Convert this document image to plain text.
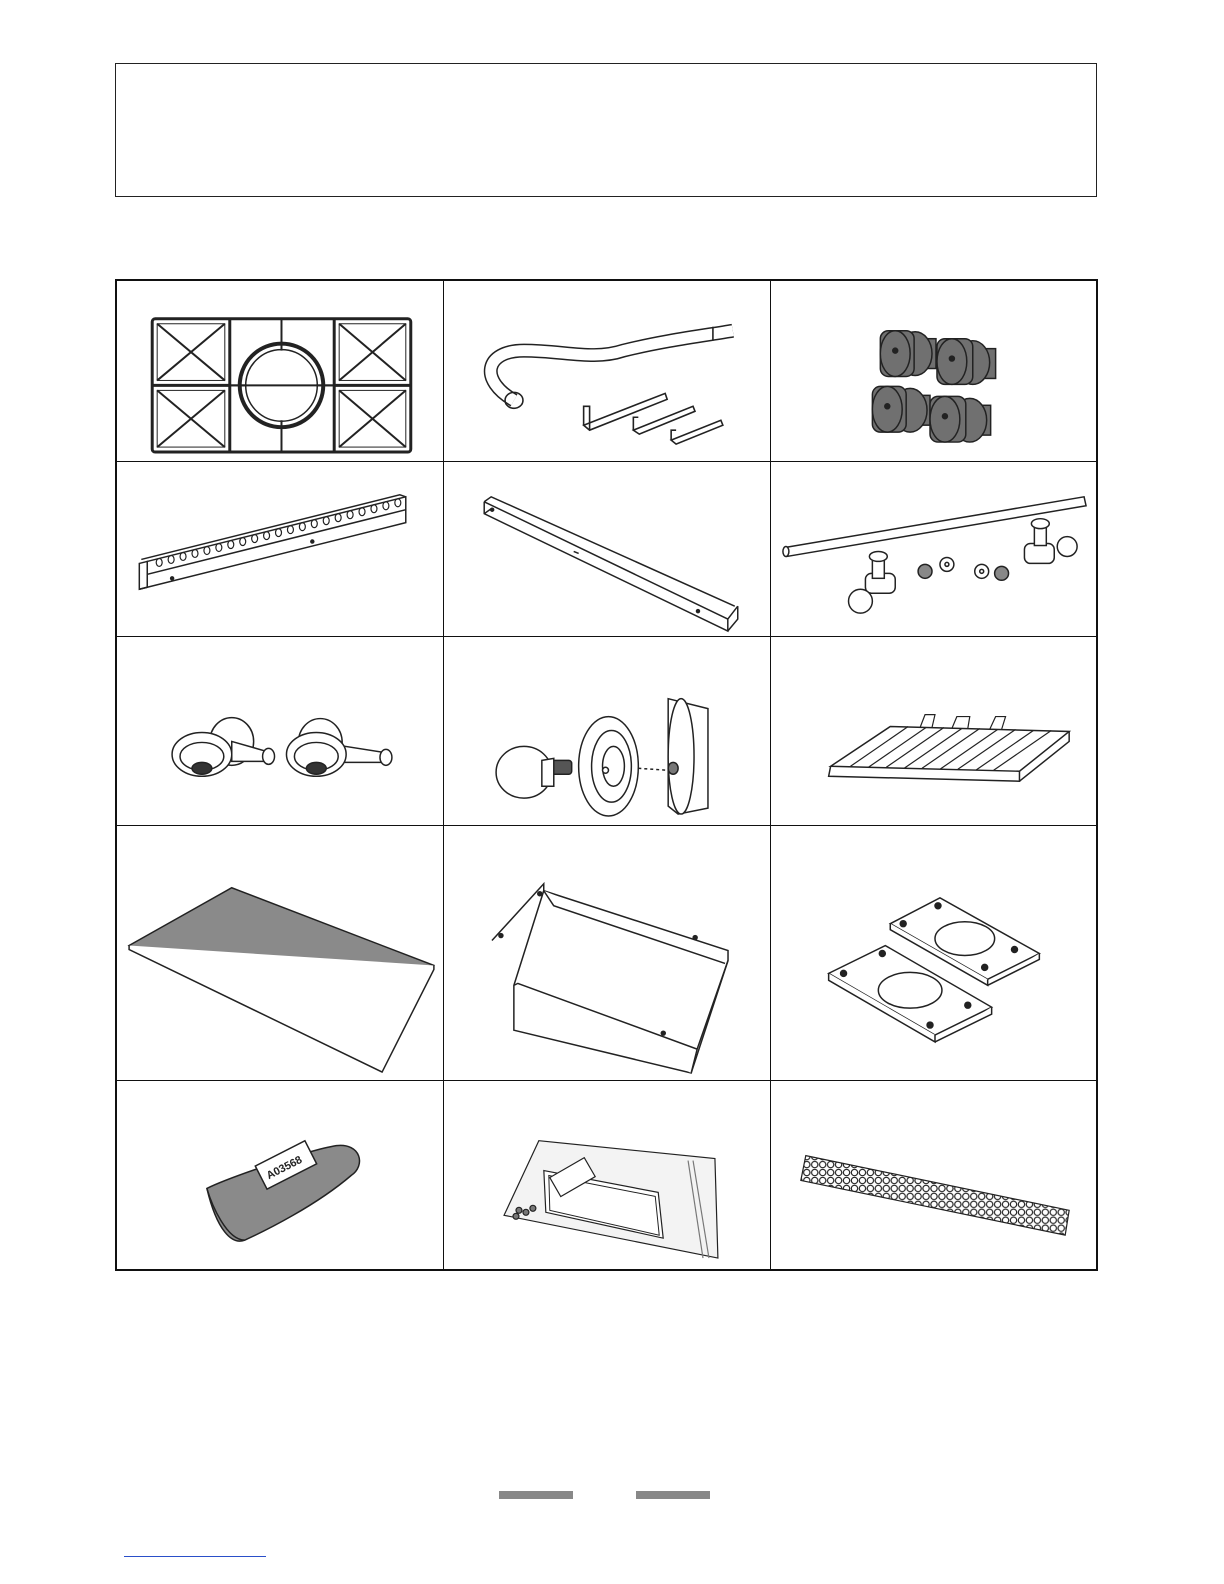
A03568
